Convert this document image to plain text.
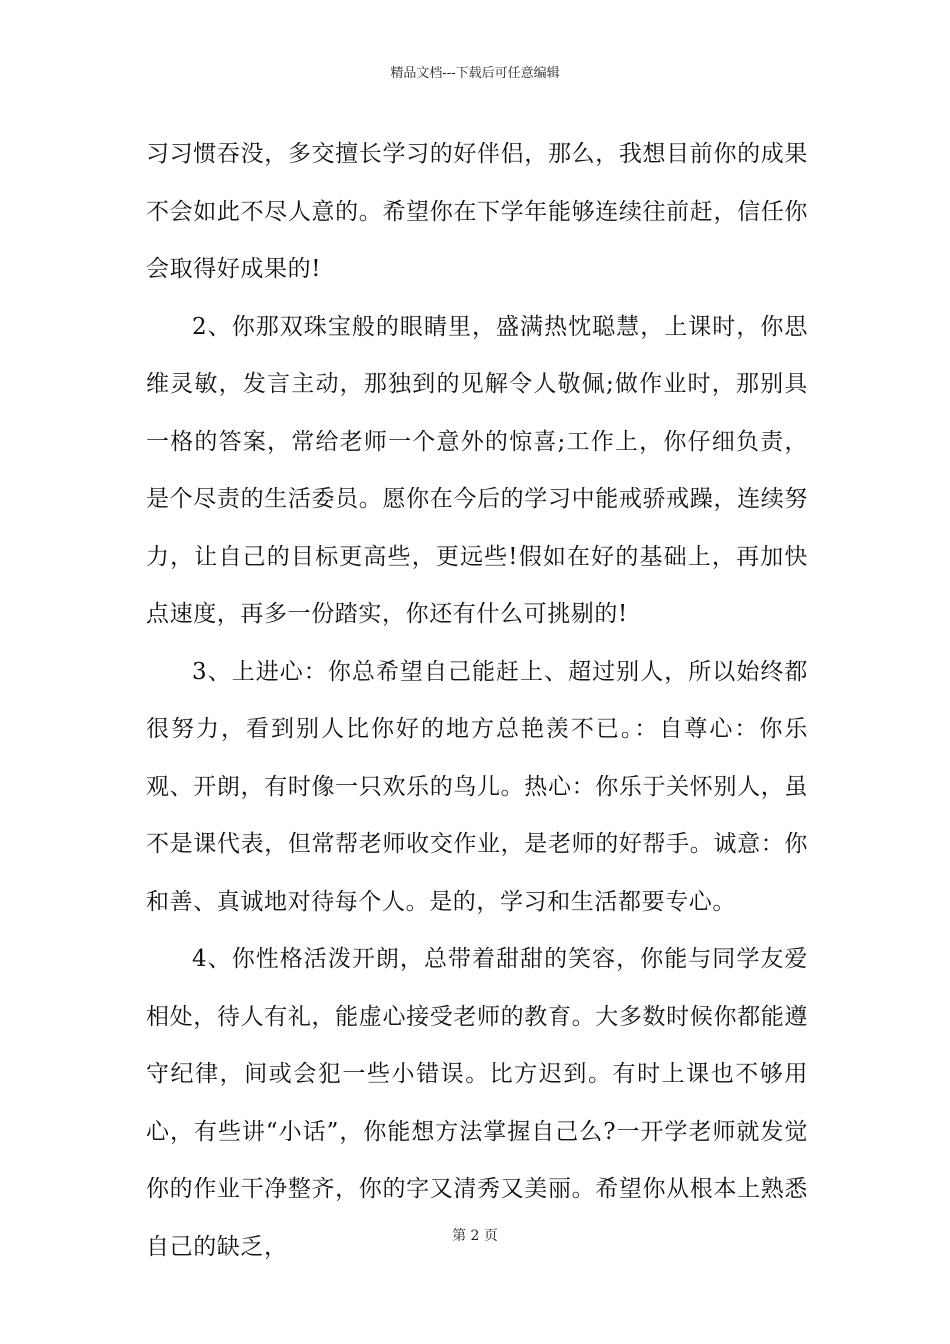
精品文档---下载后可任意编辑

习习惯吞没，多交擅长学习的好伴侣，那么，我想目前你的成果不会如此不尽人意的。希望你在下学年能够连续往前赶，信任你会取得好成果的!

2、你那双珠宝般的眼睛里，盛满热忱聪慧，上课时，你思维灵敏，发言主动，那独到的见解令人敬佩;做作业时，那别具一格的答案，常给老师一个意外的惊喜;工作上，你仔细负责，是个尽责的生活委员。愿你在今后的学习中能戒骄戒躁，连续努力，让自己的目标更高些，更远些!假如在好的基础上，再加快点速度，再多一份踏实，你还有什么可挑剔的!

3、上进心：你总希望自己能赶上、超过别人，所以始终都很努力，看到别人比你好的地方总艳羡不已。：自尊心：你乐观、开朗，有时像一只欢乐的鸟儿。热心：你乐于关怀别人，虽不是课代表，但常帮老师收交作业，是老师的好帮手。诚意：你和善、真诚地对待每个人。是的，学习和生活都要专心。

4、你性格活泼开朗，总带着甜甜的笑容，你能与同学友爱相处，待人有礼，能虚心接受老师的教育。大多数时候你都能遵守纪律，间或会犯一些小错误。比方迟到。有时上课也不够用心，有些讲“小话”，你能想方法掌握自己么?一开学老师就发觉你的作业干净整齐，你的字又清秀又美丽。希望你从根本上熟悉自己的缺乏，	第 2 页
